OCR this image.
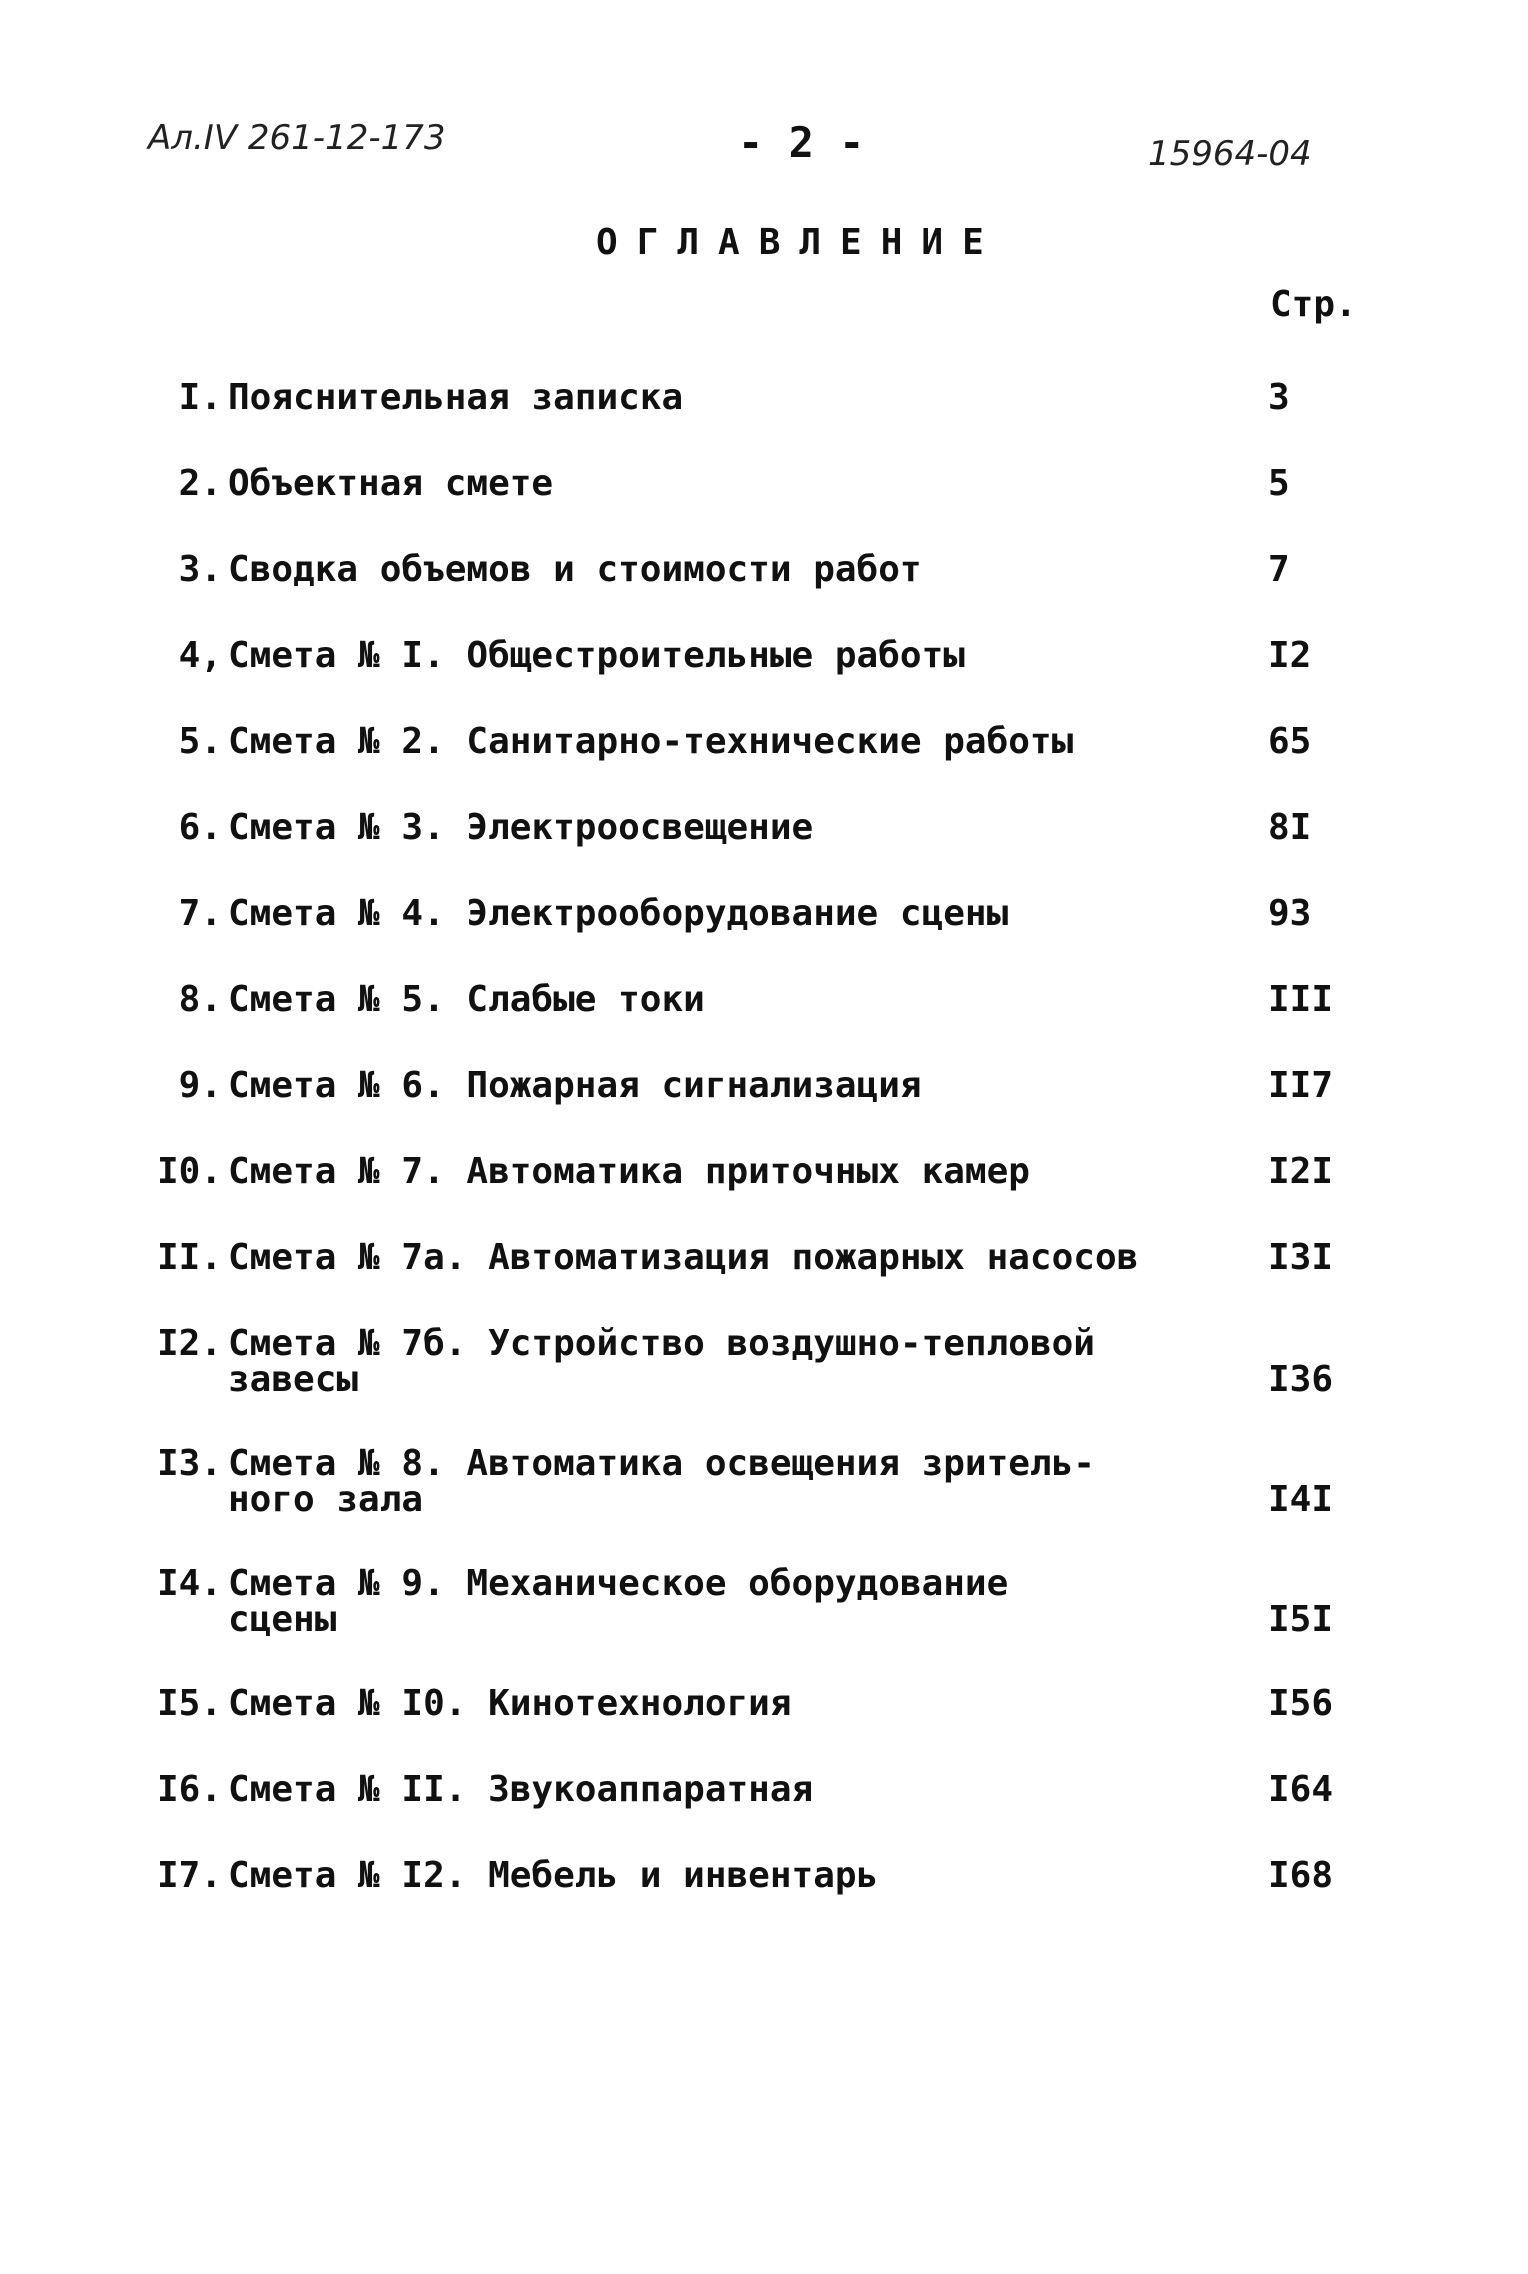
Ал.IV 261-12-173	- 2 -	15964-04
ОГЛАВЛЕНИЕ
Стр.
I. Пояснительная записка	3
2. Объектная смете	5
3. Сводка объемов и стоимости работ	7
4, Смета № I. Общестроительные работы	I2
5. Смета № 2. Санитарно-технические работы	65
6. Смета № 3. Электроосвещение	8I
7. Смета № 4. Электрооборудование сцены	93
8. Смета № 5. Слабые токи	III
9. Смета № 6. Пожарная сигнализация	II7
I0. Смета № 7. Автоматика приточных камер	I2I
II. Смета № 7а. Автоматизация пожарных насосов	I3I
I2. Смета № 7б. Устройство воздушно-тепловой
завесы	I36
I3. Смета № 8. Автоматика освещения зритель-
ного зала	I4I
I4. Смета № 9. Механическое оборудование
сцены	I5I
I5. Смета № I0. Кинотехнология	I56
I6. Смета № II. Звукоаппаратная	I64
I7. Смета № I2. Мебель и инвентарь	I68
